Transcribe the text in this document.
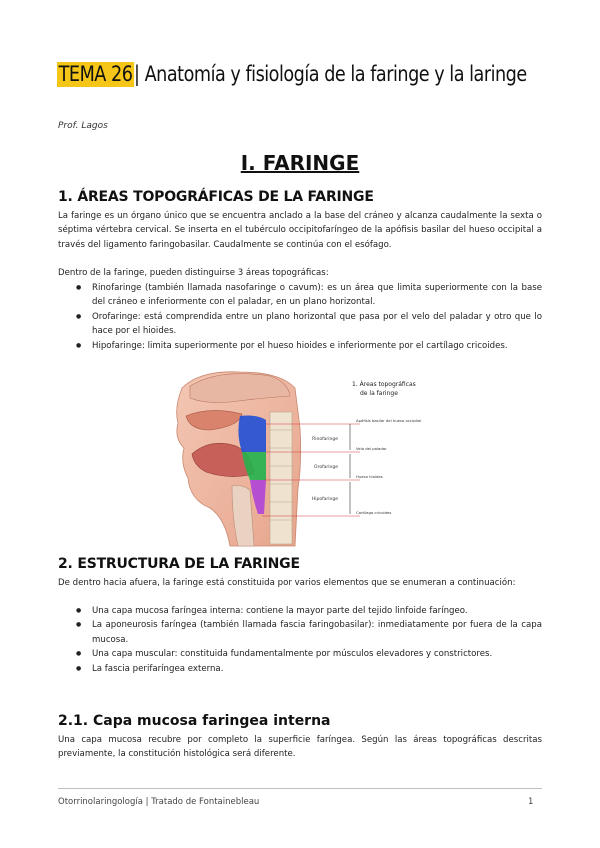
TEMA 26| Anatomía y fisiología de la faringe y la laringe
Prof. Lagos
I. FARINGE
1. ÁREAS TOPOGRÁFICAS DE LA FARINGE
La faringe es un órgano único que se encuentra anclado a la base del cráneo y alcanza caudalmente la sexta o séptima vértebra cervical. Se inserta en el tubérculo occipitofaríngeo de la apófisis basilar del hueso occipital a través del ligamento faringobasilar. Caudalmente se continúa con el esófago.
Dentro de la faringe, pueden distinguirse 3 áreas topográficas:
● Rinofaringe (también llamada nasofaringe o cavum): es un área que limita superiormente con la base del cráneo e inferiormente con el paladar, en un plano horizontal.
● Orofaringe: está comprendida entre un plano horizontal que pasa por el velo del paladar y otro que lo hace por el hioides.
● Hipofaringe: limita superiormente por el hueso hioides e inferiormente por el cartílago cricoides.
Rinofaringe
Orofaringe
Hipofaringe
Apófisis basilar del hueso occipital
Velo del paladar
Hueso hioides
Cartílago cricoides
1. Áreas topográficas
de la faringe
2. ESTRUCTURA DE LA FARINGE
De dentro hacia afuera, la faringe está constituida por varios elementos que se enumeran a continuación:
● Una capa mucosa faríngea interna: contiene la mayor parte del tejido linfoide faríngeo.
● La aponeurosis faríngea (también llamada fascia faringobasilar): inmediatamente por fuera de la capa mucosa.
● Una capa muscular: constituida fundamentalmente por músculos elevadores y constrictores.
● La fascia perifaríngea externa.
2.1. Capa mucosa faringea interna
Una capa mucosa recubre por completo la superficie faríngea. Según las áreas topográficas descritas previamente, la constitución histológica será diferente.
Otorrinolaringología | Tratado de Fontainebleau	1
